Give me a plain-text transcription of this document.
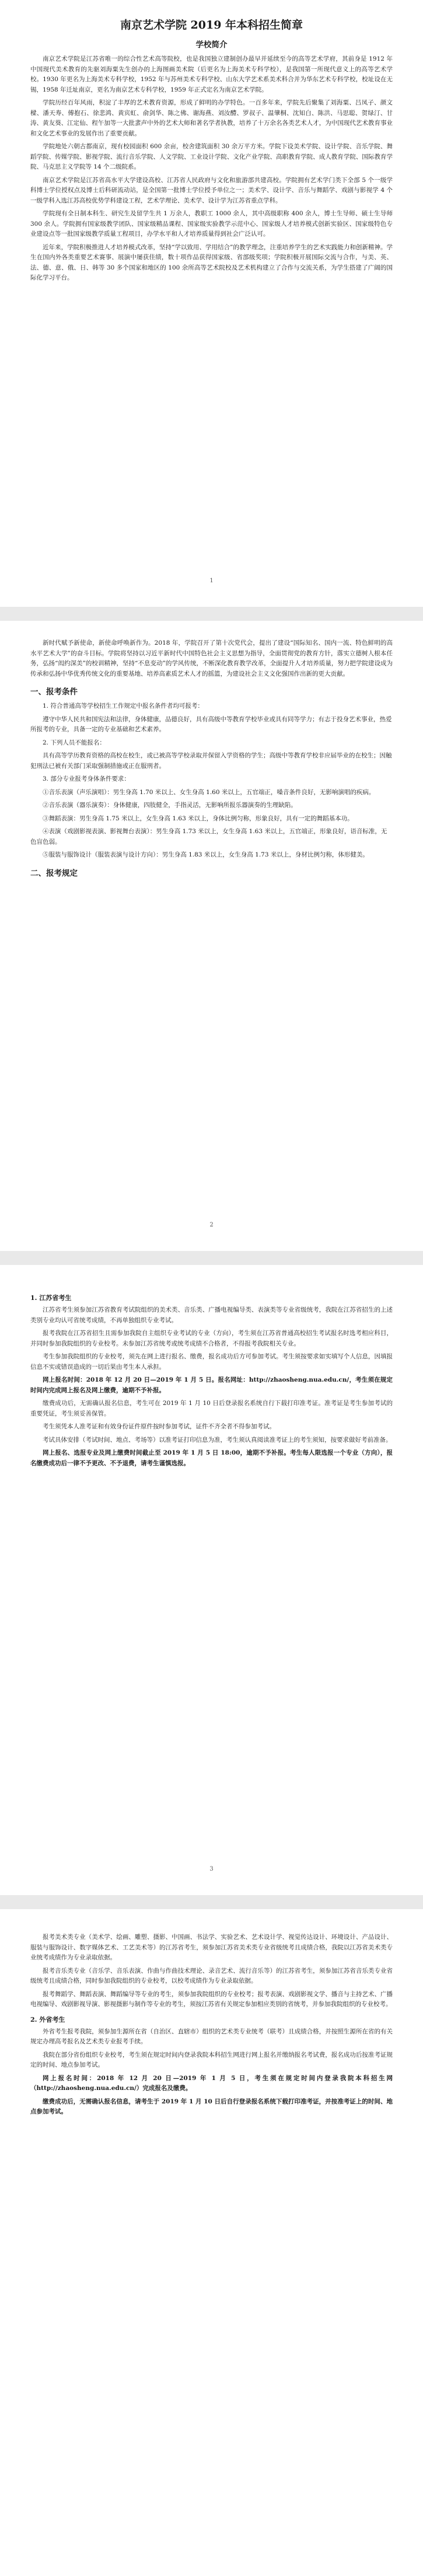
南京艺术学院 2019 年本科招生简章
学校简介

南京艺术学院是江苏省唯一的综合性艺术高等院校，也是我国独立建制创办最早并延续至今的高等艺术学府，其前身是 1912 年中国现代美术教育的先驱刘海粟先生创办的上海图画美术院（后更名为上海美术专科学校），是我国第一所现代意义上的高等艺术学校。1930 年更名为上海美术专科学校，1952 年与苏州美术专科学校、山东大学艺术系美术科合并为华东艺术专科学校，校址设在无锡，1958 年迁址南京，更名为南京艺术专科学校，1959 年正式定名为南京艺术学院。

学院历经百年风雨，积淀了丰厚的艺术教育资源，形成了鲜明的办学特色。一百多年来，学院先后聚集了刘海粟、吕凤子、颜文樑、潘天寿、傅抱石、徐悲鸿、黄宾虹、俞剑华、陈之佛、谢海燕、刘汝醴、罗叔子、温肇桐、沈知白、陈洪、马思聪、贺绿汀、甘涛、黄友葵、江定仙、程午加等一大批蜚声中外的艺术大师和著名学者执教，培养了十万余名各类艺术人才，为中国现代艺术教育事业和文化艺术事业的发展作出了重要贡献。

学院地处六朝古都南京，现有校园面积 600 余亩，校舍建筑面积 30 余万平方米。学院下设美术学院、设计学院、音乐学院、舞蹈学院、传媒学院、影视学院、流行音乐学院、人文学院、工业设计学院、文化产业学院、高职教育学院、成人教育学院、国际教育学院、马克思主义学院等 14 个二级院系。

南京艺术学院是江苏省高水平大学建设高校、江苏省人民政府与文化和旅游部共建高校。学院拥有艺术学门类下全部 5 个一级学科博士学位授权点及博士后科研流动站，是全国第一批博士学位授予单位之一；美术学、设计学、音乐与舞蹈学、戏剧与影视学 4 个一级学科入选江苏高校优势学科建设工程，艺术学理论、美术学、设计学为江苏省重点学科。

学院现有全日制本科生、研究生及留学生共 1 万余人，教职工 1000 余人，其中高级职称 400 余人，博士生导师、硕士生导师 300 余人。学院拥有国家级教学团队、国家级精品课程、国家级实验教学示范中心、国家级人才培养模式创新实验区、国家级特色专业建设点等一批国家级教学质量工程项目，办学水平和人才培养质量得到社会广泛认可。

近年来，学院积极推进人才培养模式改革，坚持“学以致用、学用结合”的教学理念，注重培养学生的艺术实践能力和创新精神。学生在国内外各类重要艺术赛事、展演中屡获佳绩，数十项作品获得国家级、省部级奖项；学院积极开展国际交流与合作，与美、英、法、德、意、俄、日、韩等 30 多个国家和地区的 100 余所高等艺术院校及艺术机构建立了合作与交流关系，为学生搭建了广阔的国际化学习平台。

1

新时代赋予新使命，新使命呼唤新作为。2018 年，学院召开了第十次党代会，提出了建设“国际知名、国内一流、特色鲜明的高水平艺术大学”的奋斗目标。学院将坚持以习近平新时代中国特色社会主义思想为指导，全面贯彻党的教育方针，落实立德树人根本任务，弘扬“闳约深美”的校训精神，坚持“不息变动”的学风传统，不断深化教育教学改革，全面提升人才培养质量，努力把学院建设成为传承和弘扬中华优秀传统文化的重要基地、培养高素质艺术人才的摇篮，为建设社会主义文化强国作出新的更大贡献。

一、报考条件

1. 符合普通高等学校招生工作规定中报名条件者均可报考：

遵守中华人民共和国宪法和法律，身体健康，品德良好，具有高级中等教育学校毕业或具有同等学力；有志于投身艺术事业，热爱所报考的专业，具备一定的专业基础和艺术素养。

2. 下列人员不能报名：

具有高等学历教育资格的高校在校生，或已被高等学校录取并保留入学资格的学生；高级中等教育学校非应届毕业的在校生；因触犯刑法已被有关部门采取强制措施或正在服刑者。

3. 部分专业报考身体条件要求：

①音乐表演（声乐演唱）：男生身高 1.70 米以上、女生身高 1.60 米以上，五官端正，嗓音条件良好，无影响演唱的疾病。

②音乐表演（器乐演奏）：身体健康，四肢健全，手指灵活，无影响所报乐器演奏的生理缺陷。

③舞蹈表演：男生身高 1.75 米以上，女生身高 1.63 米以上，身体比例匀称，形象良好，具有一定的舞蹈基本功。

④表演（戏剧影视表演、影视舞台表演）：男生身高 1.73 米以上，女生身高 1.63 米以上，五官端正，形象良好，语音标准，无色盲色弱。

⑤服装与服饰设计（服装表演与设计方向）：男生身高 1.83 米以上，女生身高 1.73 米以上，身材比例匀称，体形健美。

二、报考规定
2
1. 江苏省考生

江苏省考生须参加江苏省教育考试院组织的美术类、音乐类、广播电视编导类、表演类等专业省级统考，我院在江苏省招生的上述类别专业均认可省统考成绩，不再单独组织专业考试。

报考我院在江苏省招生且需参加我院自主组织专业考试的专业（方向），考生须在江苏省普通高校招生考试报名时选考相应科目，并同时参加我院组织的专业校考。未参加江苏省统考或统考成绩不合格者，不得报考我院相关专业。

考生参加我院组织的专业校考，须先在网上进行报名、缴费，报名成功后方可参加考试。考生须按要求如实填写个人信息，因填报信息不实或错误造成的一切后果由考生本人承担。

网上报名时间：2018 年 12 月 20 日—2019 年 1 月 5 日。报名网址：http://zhaosheng.nua.edu.cn/，考生须在规定时间内完成网上报名及网上缴费，逾期不予补报。

缴费成功后，无需确认报名信息，考生可在 2019 年 1 月 10 日后登录报名系统自行下载打印准考证。准考证是考生参加考试的重要凭证，考生须妥善保管。

考生须凭本人准考证和有效身份证件原件按时参加考试，证件不齐全者不得参加考试。

考试具体安排（考试时间、地点、考场等）以准考证打印信息为准，考生须认真阅读准考证上的考生须知，按要求做好考前准备。

网上报名、选报专业及网上缴费时间截止至 2019 年 1 月 5 日 18:00，逾期不予补报。考生每人限选报一个专业（方向），报名缴费成功后一律不予更改、不予退费，请考生谨慎选报。

3

报考美术类专业（美术学、绘画、雕塑、摄影、中国画、书法学、实验艺术、艺术设计学、视觉传达设计、环境设计、产品设计、服装与服饰设计、数字媒体艺术、工艺美术等）的江苏省考生，须参加江苏省美术类专业省级统考且成绩合格，我院以江苏省美术类专业统考成绩作为专业录取依据。

报考音乐类专业（音乐学、音乐表演、作曲与作曲技术理论、录音艺术、流行音乐等）的江苏省考生，须参加江苏省音乐类专业省级统考且成绩合格，同时参加我院组织的专业校考，以校考成绩作为专业录取依据。

报考舞蹈学、舞蹈表演、舞蹈编导等专业的考生，须参加我院组织的专业校考；报考表演、戏剧影视文学、播音与主持艺术、广播电视编导、戏剧影视导演、影视摄影与制作等专业的考生，须按江苏省有关规定参加相应类别的省统考，并参加我院组织的专业校考。

2. 外省考生

外省考生报考我院，须参加生源所在省（自治区、直辖市）组织的艺术类专业统考（联考）且成绩合格，并按照生源所在省的有关规定办理高考报名及艺术类专业报考手续。

我院在部分省份组织专业校考，考生须在规定时间内登录我院本科招生网进行网上报名并缴纳报名考试费，报名成功后按准考证规定的时间、地点参加考试。

网上报名时间：2018 年 12 月 20 日—2019 年 1 月 5 日，考生须在规定时间内登录我院本科招生网（http://zhaosheng.nua.edu.cn/）完成报名及缴费。

缴费成功后，无需确认报名信息，请考生于 2019 年 1 月 10 日后自行登录报名系统下载打印准考证，并按准考证上的时间、地点参加考试。
